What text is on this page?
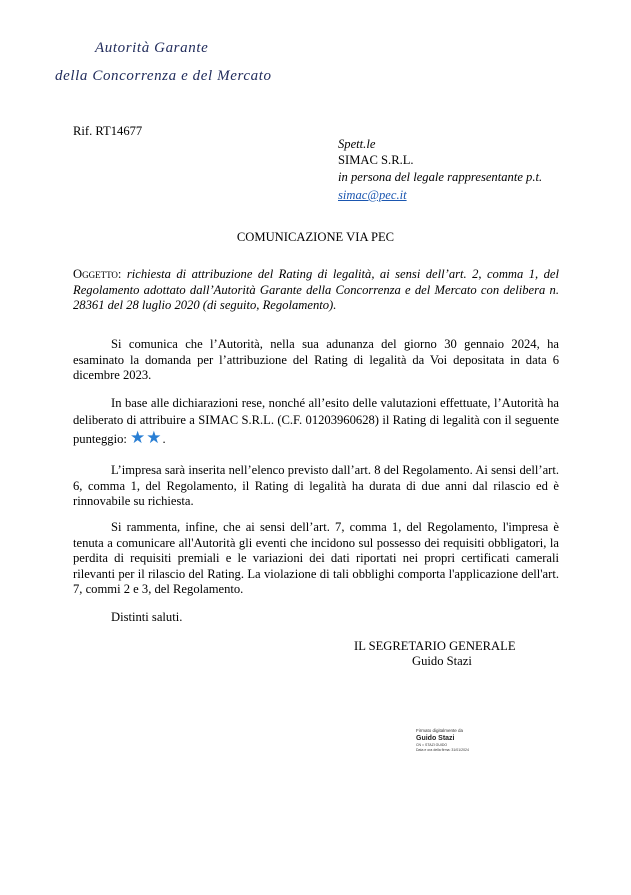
Autorità Garante
della Concorrenza e del Mercato
Rif. RT14677
Spett.le
SIMAC S.R.L.
in persona del legale rappresentante p.t.
simac@pec.it
COMUNICAZIONE VIA PEC
Oggetto: richiesta di attribuzione del Rating di legalità, ai sensi dell’art. 2, comma 1, del Regolamento adottato dall’Autorità Garante della Concorrenza e del Mercato con delibera n. 28361 del 28 luglio 2020 (di seguito, Regolamento).
Si comunica che l’Autorità, nella sua adunanza del giorno 30 gennaio 2024, ha esaminato la domanda per l’attribuzione del Rating di legalità da Voi depositata in data 6 dicembre 2023.
In base alle dichiarazioni rese, nonché all’esito delle valutazioni effettuate, l’Autorità ha deliberato di attribuire a SIMAC S.R.L. (C.F. 01203960628) il Rating di legalità con il seguente punteggio: ★★.
L’impresa sarà inserita nell’elenco previsto dall’art. 8 del Regolamento. Ai sensi dell’art. 6, comma 1, del Regolamento, il Rating di legalità ha durata di due anni dal rilascio ed è rinnovabile su richiesta.
Si rammenta, infine, che ai sensi dell’art. 7, comma 1, del Regolamento, l'impresa è tenuta a comunicare all'Autorità gli eventi che incidono sul possesso dei requisiti obbligatori, la perdita di requisiti premiali e le variazioni dei dati riportati nei propri certificati camerali rilevanti per il rilascio del Rating. La violazione di tali obblighi comporta l'applicazione dell'art. 7, commi 2 e 3, del Regolamento.
Distinti saluti.
IL SEGRETARIO GENERALE
Guido Stazi
Firmato digitalmente da
Guido Stazi
CN = STAZI GUIDO
Data e ora della firma: 31/01/2024
